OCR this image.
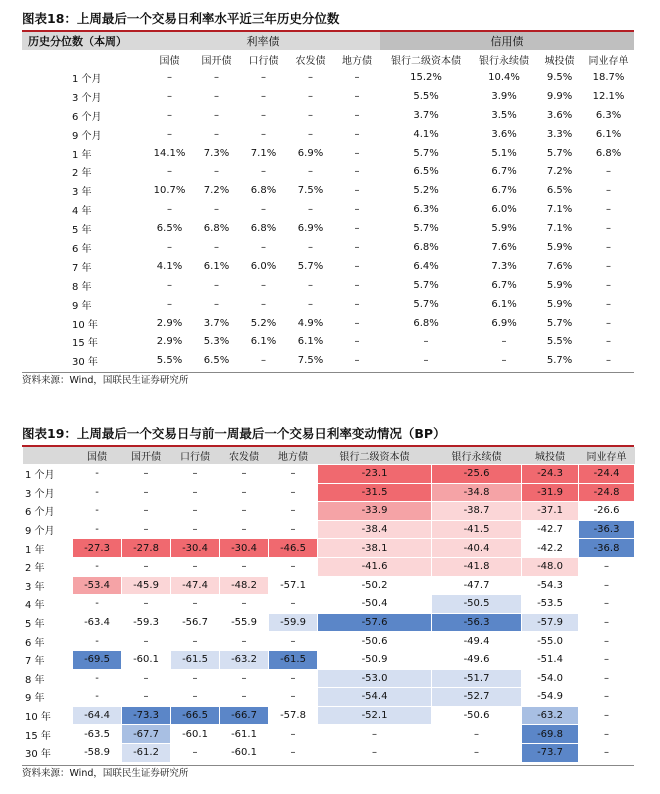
图表18：上周最后一个交易日利率水平近三年历史分位数
历史分位数（本周）	利率债					信用债			
	国债	国开债	口行债	农发债	地方债	银行二级资本债	银行永续债	城投债	同业存单
1 个月	–	–	–	–	–	15.2%	10.4%	9.5%	18.7%
3 个月	–	–	–	–	–	5.5%	3.9%	9.9%	12.1%
6 个月	–	–	–	–	–	3.7%	3.5%	3.6%	6.3%
9 个月	–	–	–	–	–	4.1%	3.6%	3.3%	6.1%
1 年	14.1%	7.3%	7.1%	6.9%	–	5.7%	5.1%	5.7%	6.8%
2 年	–	–	–	–	–	6.5%	6.7%	7.2%	–
3 年	10.7%	7.2%	6.8%	7.5%	–	5.2%	6.7%	6.5%	–
4 年	–	–	–	–	–	6.3%	6.0%	7.1%	–
5 年	6.5%	6.8%	6.8%	6.9%	–	5.7%	5.9%	7.1%	–
6 年	–	–	–	–	–	6.8%	7.6%	5.9%	–
7 年	4.1%	6.1%	6.0%	5.7%	–	6.4%	7.3%	7.6%	–
8 年	–	–	–	–	–	5.7%	6.7%	5.9%	–
9 年	–	–	–	–	–	5.7%	6.1%	5.9%	–
10 年	2.9%	3.7%	5.2%	4.9%	–	6.8%	6.9%	5.7%	–
15 年	2.9%	5.3%	6.1%	6.1%	–	–	–	5.5%	–
30 年	5.5%	6.5%	–	7.5%	–	–	–	5.7%	–
资料来源：Wind，国联民生证券研究所
图表19：上周最后一个交易日与前一周最后一个交易日利率变动情况（BP）
	国债	国开债	口行债	农发债	地方债	银行二级资本债	银行永续债	城投债	同业存单
1 个月	-	–	–	–	–	-23.1	-25.6	-24.3	-24.4
3 个月	-	–	–	–	–	-31.5	-34.8	-31.9	-24.8
6 个月	-	–	–	–	–	-33.9	-38.7	-37.1	-26.6
9 个月	-	–	–	–	–	-38.4	-41.5	-42.7	-36.3
1 年	-27.3	-27.8	-30.4	-30.4	-46.5	-38.1	-40.4	-42.2	-36.8
2 年	-	–	–	–	–	-41.6	-41.8	-48.0	–
3 年	-53.4	-45.9	-47.4	-48.2	-57.1	-50.2	-47.7	-54.3	–
4 年	-	–	–	–	–	-50.4	-50.5	-53.5	–
5 年	-63.4	-59.3	-56.7	-55.9	-59.9	-57.6	-56.3	-57.9	–
6 年	-	–	–	–	–	-50.6	-49.4	-55.0	–
7 年	-69.5	-60.1	-61.5	-63.2	-61.5	-50.9	-49.6	-51.4	–
8 年	-	–	–	–	–	-53.0	-51.7	-54.0	–
9 年	-	–	–	–	–	-54.4	-52.7	-54.9	–
10 年	-64.4	-73.3	-66.5	-66.7	-57.8	-52.1	-50.6	-63.2	–
15 年	-63.5	-67.7	-60.1	-61.1	–	–	–	-69.8	–
30 年	-58.9	-61.2	–	-60.1	–	–	–	-73.7	–
资料来源：Wind，国联民生证券研究所
